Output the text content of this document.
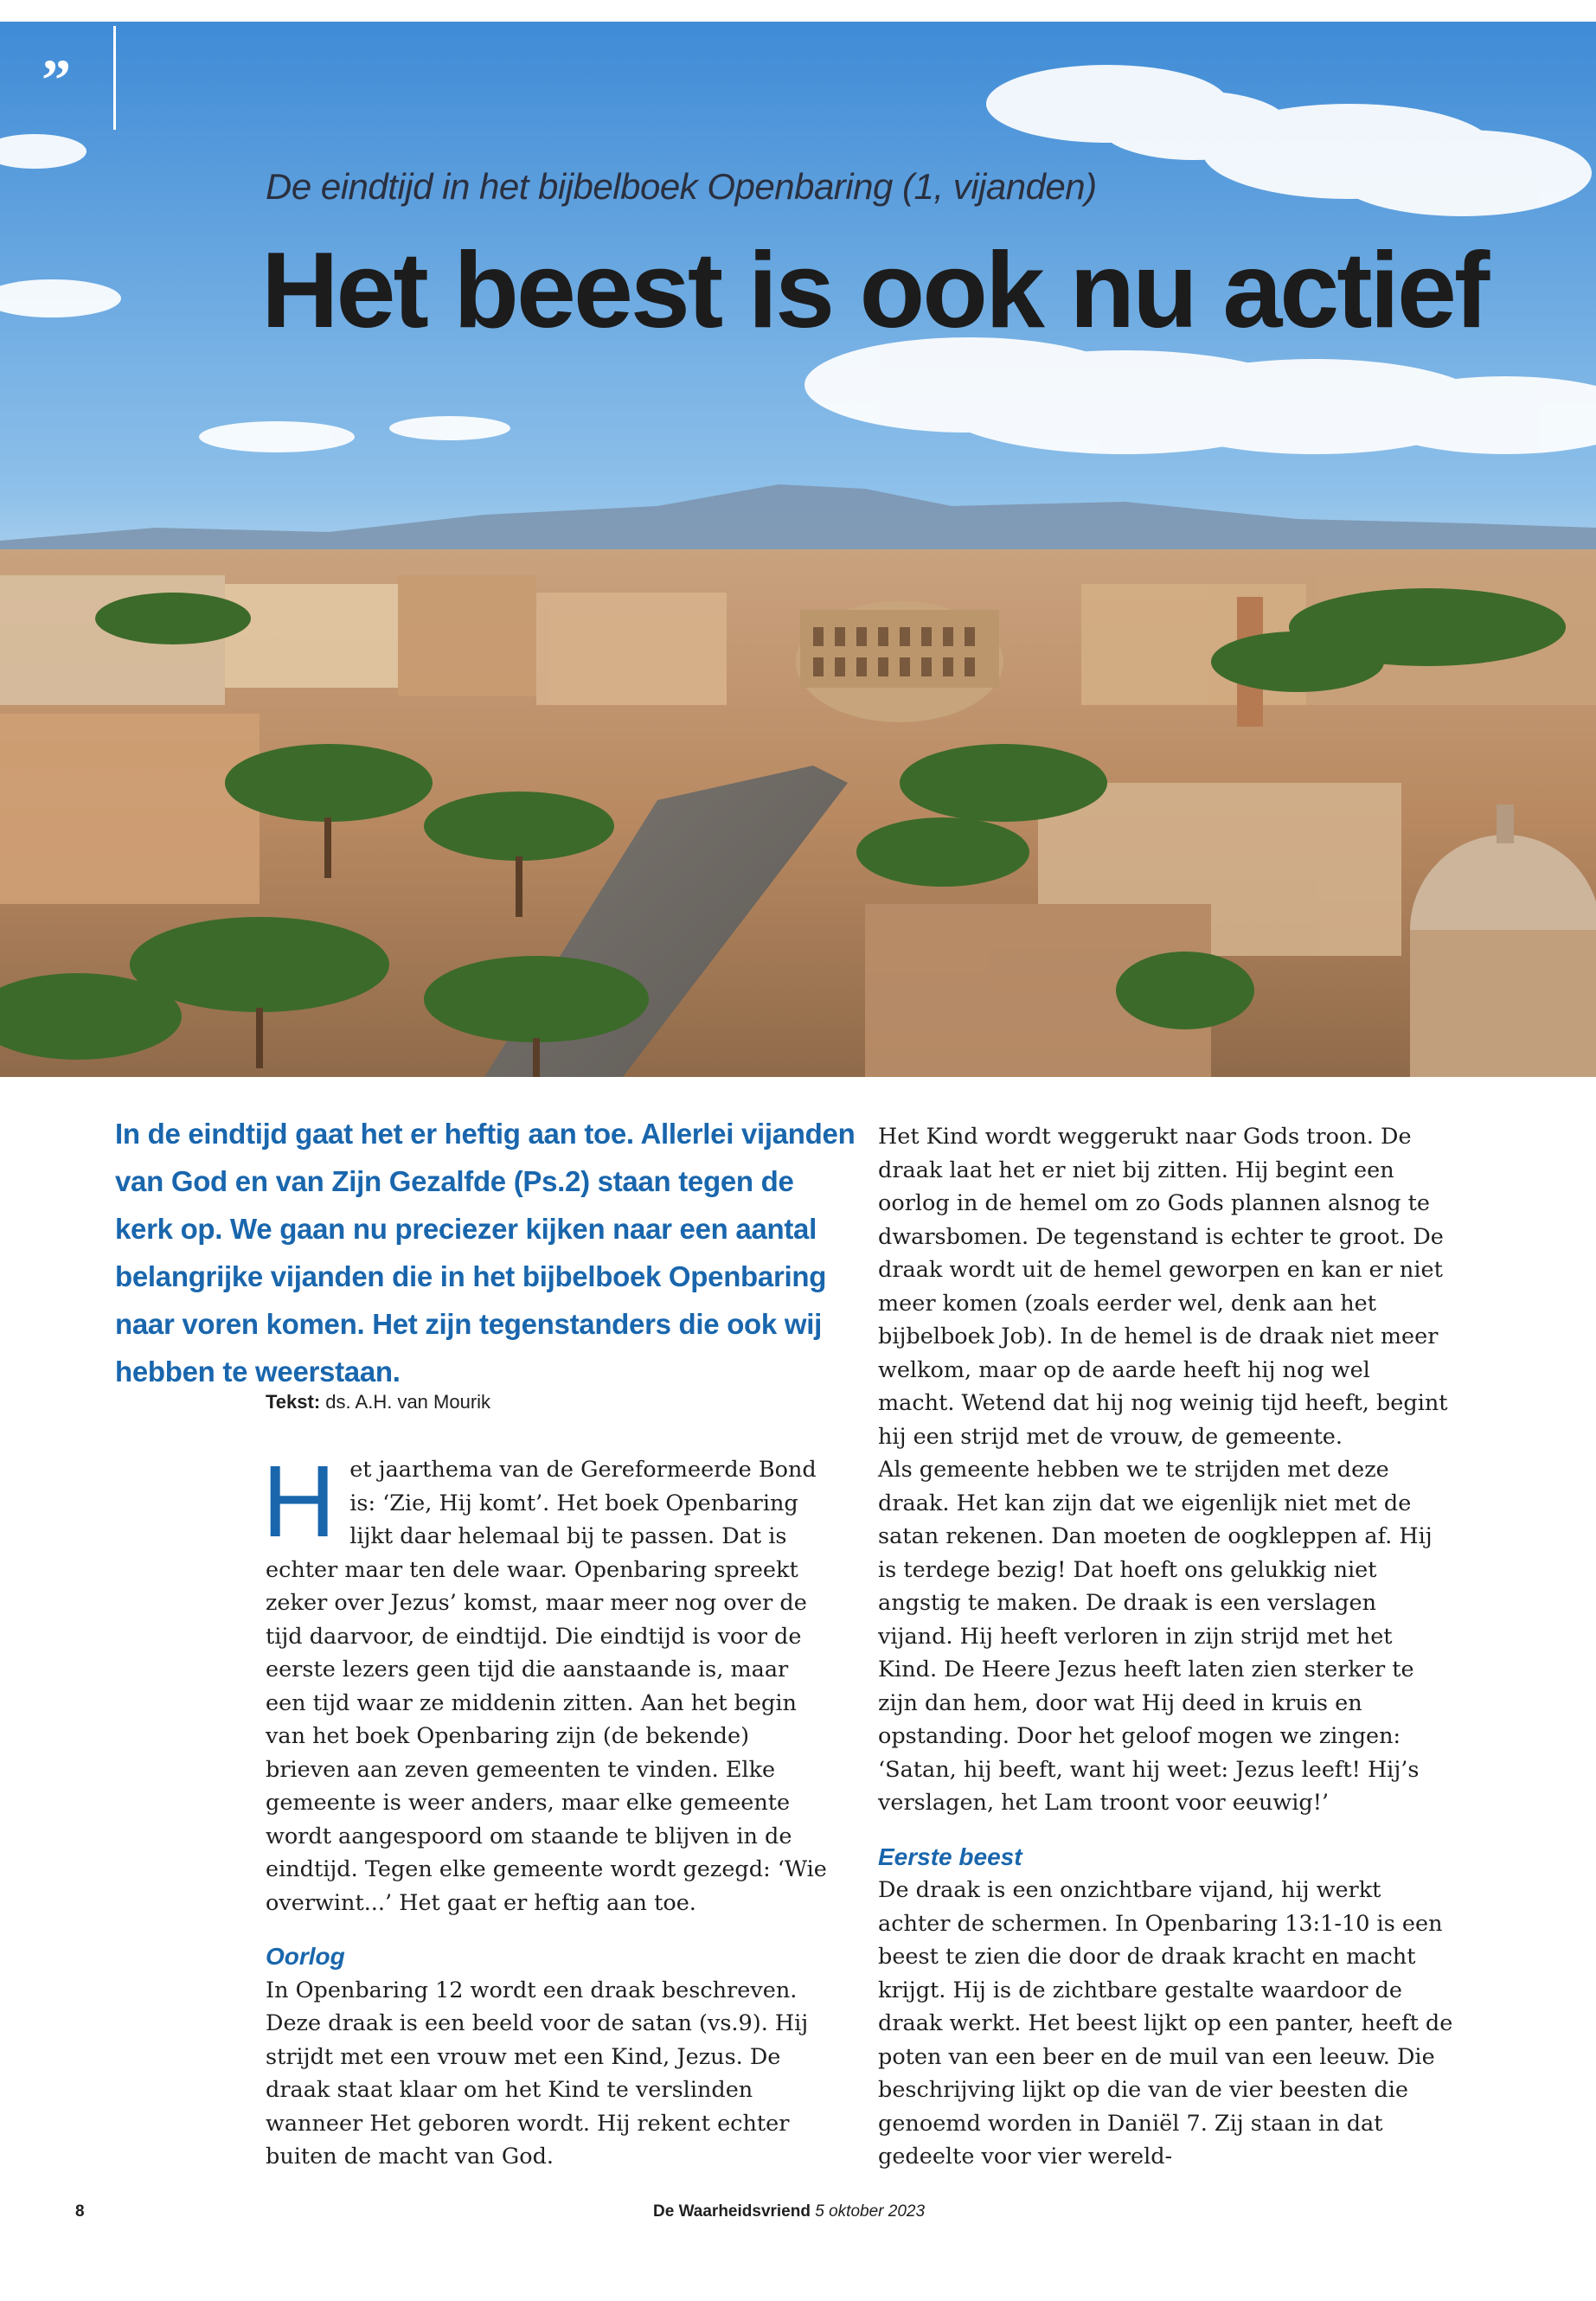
”
De eindtijd in het bijbelboek Openbaring (1, vijanden)
Het beest is ook nu actief
In de eindtijd gaat het er heftig aan toe. Allerlei vijanden van God en van Zijn Gezalfde (Ps.2) staan tegen de kerk op. We gaan nu preciezer kijken naar een aantal belangrijke vijanden die in het bijbelboek Openbaring naar voren komen. Het zijn tegenstanders die ook wij hebben te weerstaan.
Tekst: ds. A.H. van Mourik

Het jaarthema van de Gereformeerde Bond is: ‘Zie, Hij komt’. Het boek Openbaring lijkt daar helemaal bij te passen. Dat is echter maar ten dele waar. Openbaring spreekt zeker over Jezus’ komst, maar meer nog over de tijd daarvoor, de eindtijd. Die eindtijd is voor de eerste lezers geen tijd die aanstaande is, maar een tijd waar ze middenin zitten. Aan het begin van het boek Openbaring zijn (de bekende) brieven aan zeven gemeenten te vinden. Elke gemeente is weer anders, maar elke gemeente wordt aangespoord om staande te blijven in de eindtijd. Tegen elke gemeente wordt gezegd: ‘Wie overwint...’ Het gaat er heftig aan toe.

Oorlog

In Openbaring 12 wordt een draak beschreven. Deze draak is een beeld voor de satan (vs.9). Hij strijdt met een vrouw met een Kind, Jezus. De draak staat klaar om het Kind te verslinden wanneer Het geboren wordt. Hij rekent echter buiten de macht van God.

Het Kind wordt weggerukt naar Gods troon. De draak laat het er niet bij zitten. Hij begint een oorlog in de hemel om zo Gods plannen alsnog te dwarsbomen. De tegenstand is echter te groot. De draak wordt uit de hemel geworpen en kan er niet meer komen (zoals eerder wel, denk aan het bijbelboek Job). In de hemel is de draak niet meer welkom, maar op de aarde heeft hij nog wel macht. Wetend dat hij nog weinig tijd heeft, begint hij een strijd met de vrouw, de gemeente.

Als gemeente hebben we te strijden met deze draak. Het kan zijn dat we eigenlijk niet met de satan rekenen. Dan moeten de oogkleppen af. Hij is terdege bezig! Dat hoeft ons gelukkig niet angstig te maken. De draak is een verslagen vijand. Hij heeft verloren in zijn strijd met het Kind. De Heere Jezus heeft laten zien sterker te zijn dan hem, door wat Hij deed in kruis en opstanding. Door het geloof mogen we zingen: ‘Satan, hij beeft, want hij weet: Jezus leeft! Hij’s verslagen, het Lam troont voor eeuwig!’

Eerste beest

De draak is een onzichtbare vijand, hij werkt achter de schermen. In Openbaring 13:1-10 is een beest te zien die door de draak kracht en macht krijgt. Hij is de zichtbare gestalte waardoor de draak werkt. Het beest lijkt op een panter, heeft de poten van een beer en de muil van een leeuw. Die beschrijving lijkt op die van de vier beesten die genoemd worden in Daniël 7. Zij staan in dat gedeelte voor vier wereld-

8	De Waarheidsvriend 5 oktober 2023
